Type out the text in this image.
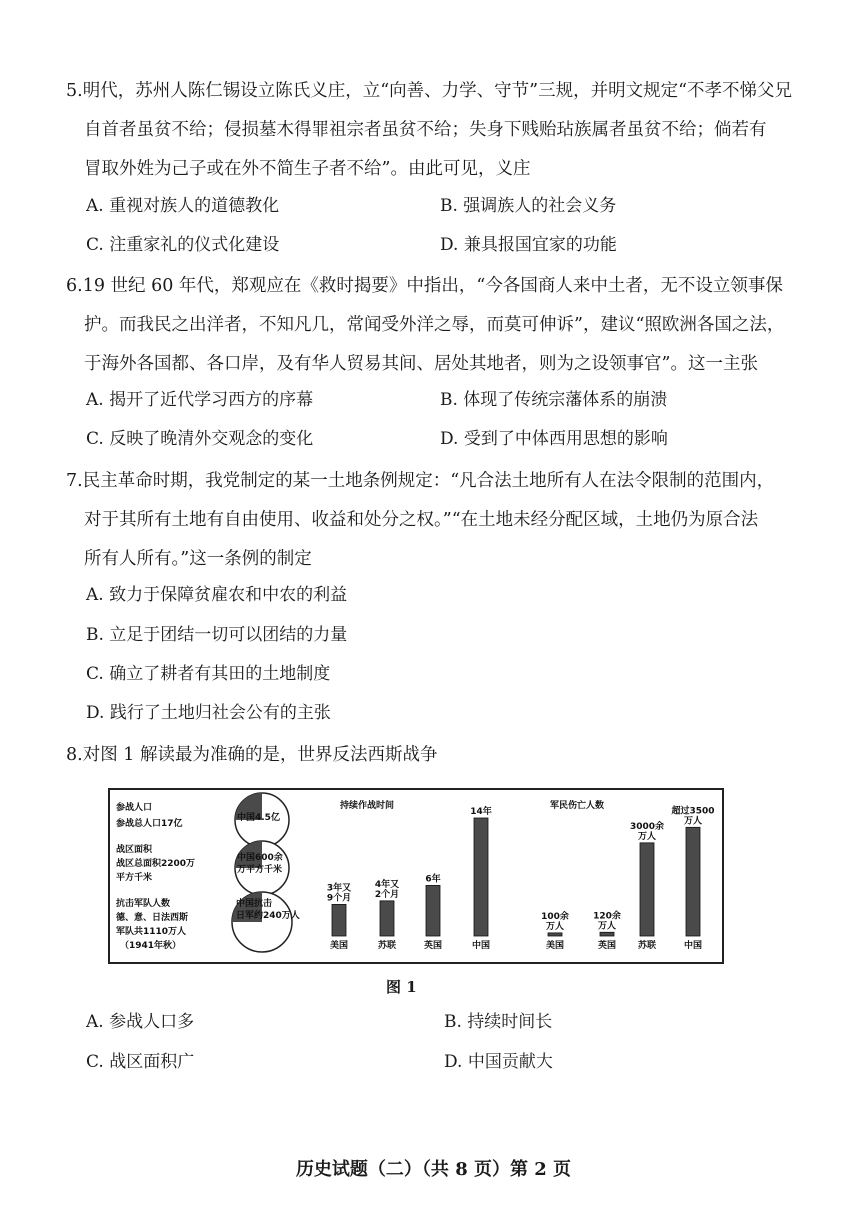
5.明代，苏州人陈仁锡设立陈氏义庄，立“向善、力学、守节”三规，并明文规定“不孝不悌父兄

自首者虽贫不给；侵损墓木得罪祖宗者虽贫不给；失身下贱贻玷族属者虽贫不给；倘若有

冒取外姓为己子或在外不简生子者不给”。由此可见，义庄

A. 重视对族人的道德教化	B. 强调族人的社会义务
C. 注重家礼的仪式化建设	D. 兼具报国宜家的功能

6.19 世纪 60 年代，郑观应在《救时揭要》中指出，“今各国商人来中土者，无不设立领事保

护。而我民之出洋者，不知凡几，常闻受外洋之辱，而莫可伸诉”，建议“照欧洲各国之法，

于海外各国都、各口岸，及有华人贸易其间、居处其地者，则为之设领事官”。这一主张

A. 揭开了近代学习西方的序幕	B. 体现了传统宗藩体系的崩溃
C. 反映了晚清外交观念的变化	D. 受到了中体西用思想的影响

7.民主革命时期，我党制定的某一土地条例规定：“凡合法土地所有人在法令限制的范围内，

对于其所有土地有自由使用、收益和处分之权。”“在土地未经分配区域，土地仍为原合法

所有人所有。”这一条例的制定

A. 致力于保障贫雇农和中农的利益
B. 立足于团结一切可以团结的力量
C. 确立了耕者有其田的土地制度
D. 践行了土地归社会公有的主张

8.对图 1 解读最为准确的是，世界反法西斯战争

参战人口
参战总人口17亿
战区面积
战区总面积2200万
平方千米
抗击军队人数
德、意、日法西斯
军队共1110万人
（1941年秋）
中国4.5亿
中国600余
万平方千米
中国抗击
日军约240万人
持续作战时间	军民伤亡人数
美国
3年又
9个月
苏联
4年又
2个月
英国
6年
中国
14年
美国
100余
万人
英国
120余
万人
苏联
3000余
万人
中国
超过3500
万人
图 1
A. 参战人口多	B. 持续时间长
C. 战区面积广	D. 中国贡献大
历史试题（二）（共 8 页）第 2 页
